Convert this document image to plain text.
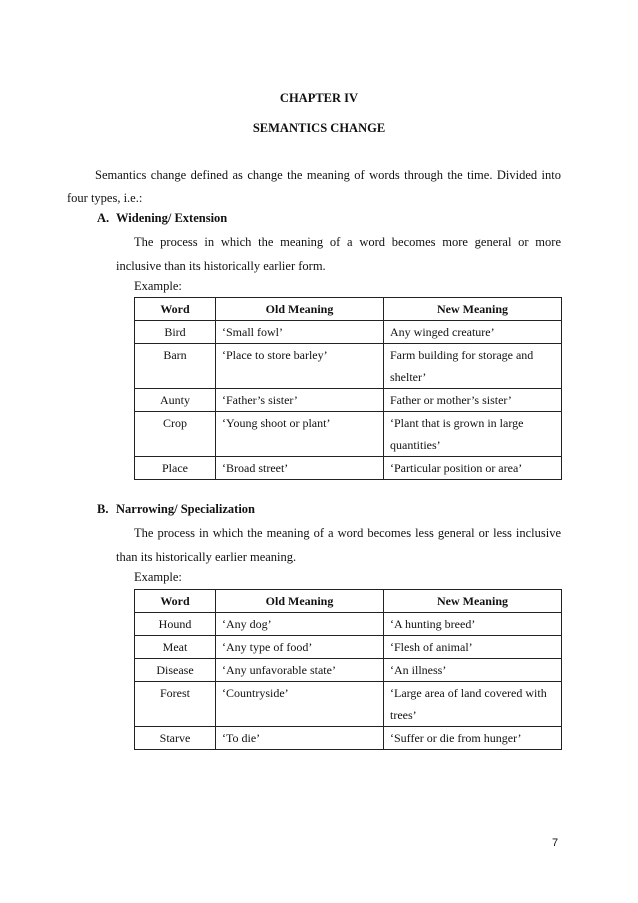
CHAPTER IV
SEMANTICS CHANGE

Semantics change defined as change the meaning of words through the time. Divided into four types, i.e.:

A. Widening/ Extension

The process in which the meaning of a word becomes more general or more inclusive than its historically earlier form.

Example:
Word	Old Meaning	New Meaning
Bird	‘Small fowl’	Any winged creature’
Barn	‘Place to store barley’	Farm building for storage and shelter’
Aunty	‘Father’s sister’	Father or mother’s sister’
Crop	‘Young shoot or plant’	‘Plant that is grown in large quantities’
Place	‘Broad street’	‘Particular position or area’
B. Narrowing/ Specialization

The process in which the meaning of a word becomes less general or less inclusive than its historically earlier meaning.

Example:
Word	Old Meaning	New Meaning
Hound	‘Any dog’	‘A hunting breed’
Meat	‘Any type of food’	‘Flesh of animal’
Disease	‘Any unfavorable state’	‘An illness’
Forest	‘Countryside’	‘Large area of land covered with trees’
Starve	‘To die’	‘Suffer or die from hunger’
7
